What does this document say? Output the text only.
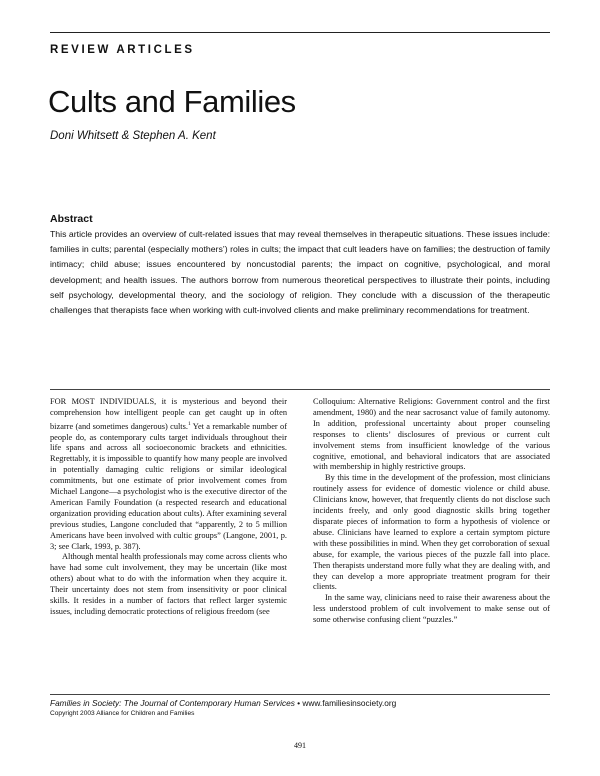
REVIEW ARTICLES
Cults and Families
Doni Whitsett & Stephen A. Kent
Abstract

This article provides an overview of cult-related issues that may reveal themselves in therapeutic situations. These issues include: families in cults; parental (especially mothers’) roles in cults; the impact that cult leaders have on families; the destruction of family intimacy; child abuse; issues encountered by noncustodial parents; the impact on cognitive, psychological, and moral development; and health issues. The authors borrow from numerous theoretical perspectives to illustrate their points, including self psychology, developmental theory, and the sociology of religion. They conclude with a discussion of the therapeutic challenges that therapists face when working with cult-involved clients and make preliminary recommendations for treatment.

FOR MOST INDIVIDUALS, it is mysterious and beyond their comprehension how intelligent people can get caught up in often bizarre (and sometimes dangerous) cults.$^1$ Yet a remarkable number of people do, as contemporary cults target individuals throughout their life spans and across all socioeconomic brackets and ethnicities. Regrettably, it is impossible to quantify how many people are involved in potentially damaging cultic religions or similar ideological commitments, but one estimate of prior involvement comes from Michael Langone—a psychologist who is the executive director of the American Family Foundation (a respected research and educational organization providing education about cults). After examining several previous studies, Langone concluded that “apparently, 2 to 5 million Americans have been involved with cultic groups” (Langone, 2001, p. 3; see Clark, 1993, p. 387).

Although mental health professionals may come across clients who have had some cult involvement, they may be uncertain (like most others) about what to do with the information when they acquire it. Their uncertainty does not stem from insensitivity or poor clinical skills. It resides in a number of factors that reflect larger systemic issues, including democratic protections of religious freedom (see

Colloquium: Alternative Religions: Government control and the first amendment, 1980) and the near sacrosanct value of family autonomy. In addition, professional uncertainty about proper counseling responses to clients’ disclosures of previous or current cult involvement stems from insufficient knowledge of the various cognitive, emotional, and behavioral indicators that are associated with membership in highly restrictive groups.

By this time in the development of the profession, most clinicians routinely assess for evidence of domestic violence or child abuse. Clinicians know, however, that frequently clients do not disclose such incidents freely, and only good diagnostic skills bring together disparate pieces of information to form a hypothesis of violence or abuse. Clinicians have learned to explore a certain symptom picture with these possibilities in mind. When they get corroboration of sexual abuse, for example, the various pieces of the puzzle fall into place. Then therapists understand more fully what they are dealing with, and they can develop a more appropriate treatment program for their clients.

In the same way, clinicians need to raise their awareness about the less understood problem of cult involvement to make sense out of some otherwise confusing client “puzzles.”

Families in Society: The Journal of Contemporary Human Services • www.familiesinsociety.org
Copyright 2003 Alliance for Children and Families
491
